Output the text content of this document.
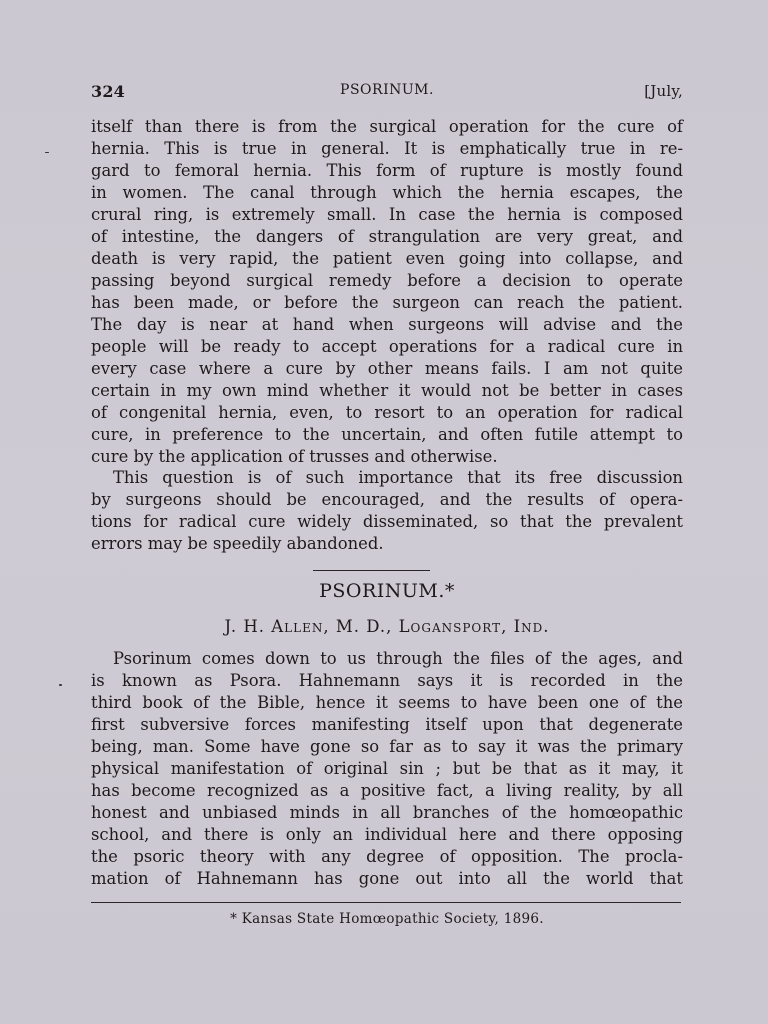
324	PSORINUM.	[July,
itself than there is from the surgical operation for the cure of
hernia. This is true in general. It is emphatically true in re-
gard to femoral hernia. This form of rupture is mostly found
in women. The canal through which the hernia escapes, the
crural ring, is extremely small. In case the hernia is composed
of intestine, the dangers of strangulation are very great, and
death is very rapid, the patient even going into collapse, and
passing beyond surgical remedy before a decision to operate
has been made, or before the surgeon can reach the patient.
The day is near at hand when surgeons will advise and the
people will be ready to accept operations for a radical cure in
every case where a cure by other means fails. I am not quite
certain in my own mind whether it would not be better in cases
of congenital hernia, even, to resort to an operation for radical
cure, in preference to the uncertain, and often futile attempt to
cure by the application of trusses and otherwise.
This question is of such importance that its free discussion
by surgeons should be encouraged, and the results of opera-
tions for radical cure widely disseminated, so that the prevalent
errors may be speedily abandoned.
PSORINUM.*
J. H. Allen, M. D., Logansport, Ind.
Psorinum comes down to us through the files of the ages, and
is known as Psora. Hahnemann says it is recorded in the
third book of the Bible, hence it seems to have been one of the
first subversive forces manifesting itself upon that degenerate
being, man. Some have gone so far as to say it was the primary
physical manifestation of original sin ; but be that as it may, it
has become recognized as a positive fact, a living reality, by all
honest and unbiased minds in all branches of the homœopathic
school, and there is only an individual here and there opposing
the psoric theory with any degree of opposition. The procla-
mation of Hahnemann has gone out into all the world that
* Kansas State Homœopathic Society, 1896.
